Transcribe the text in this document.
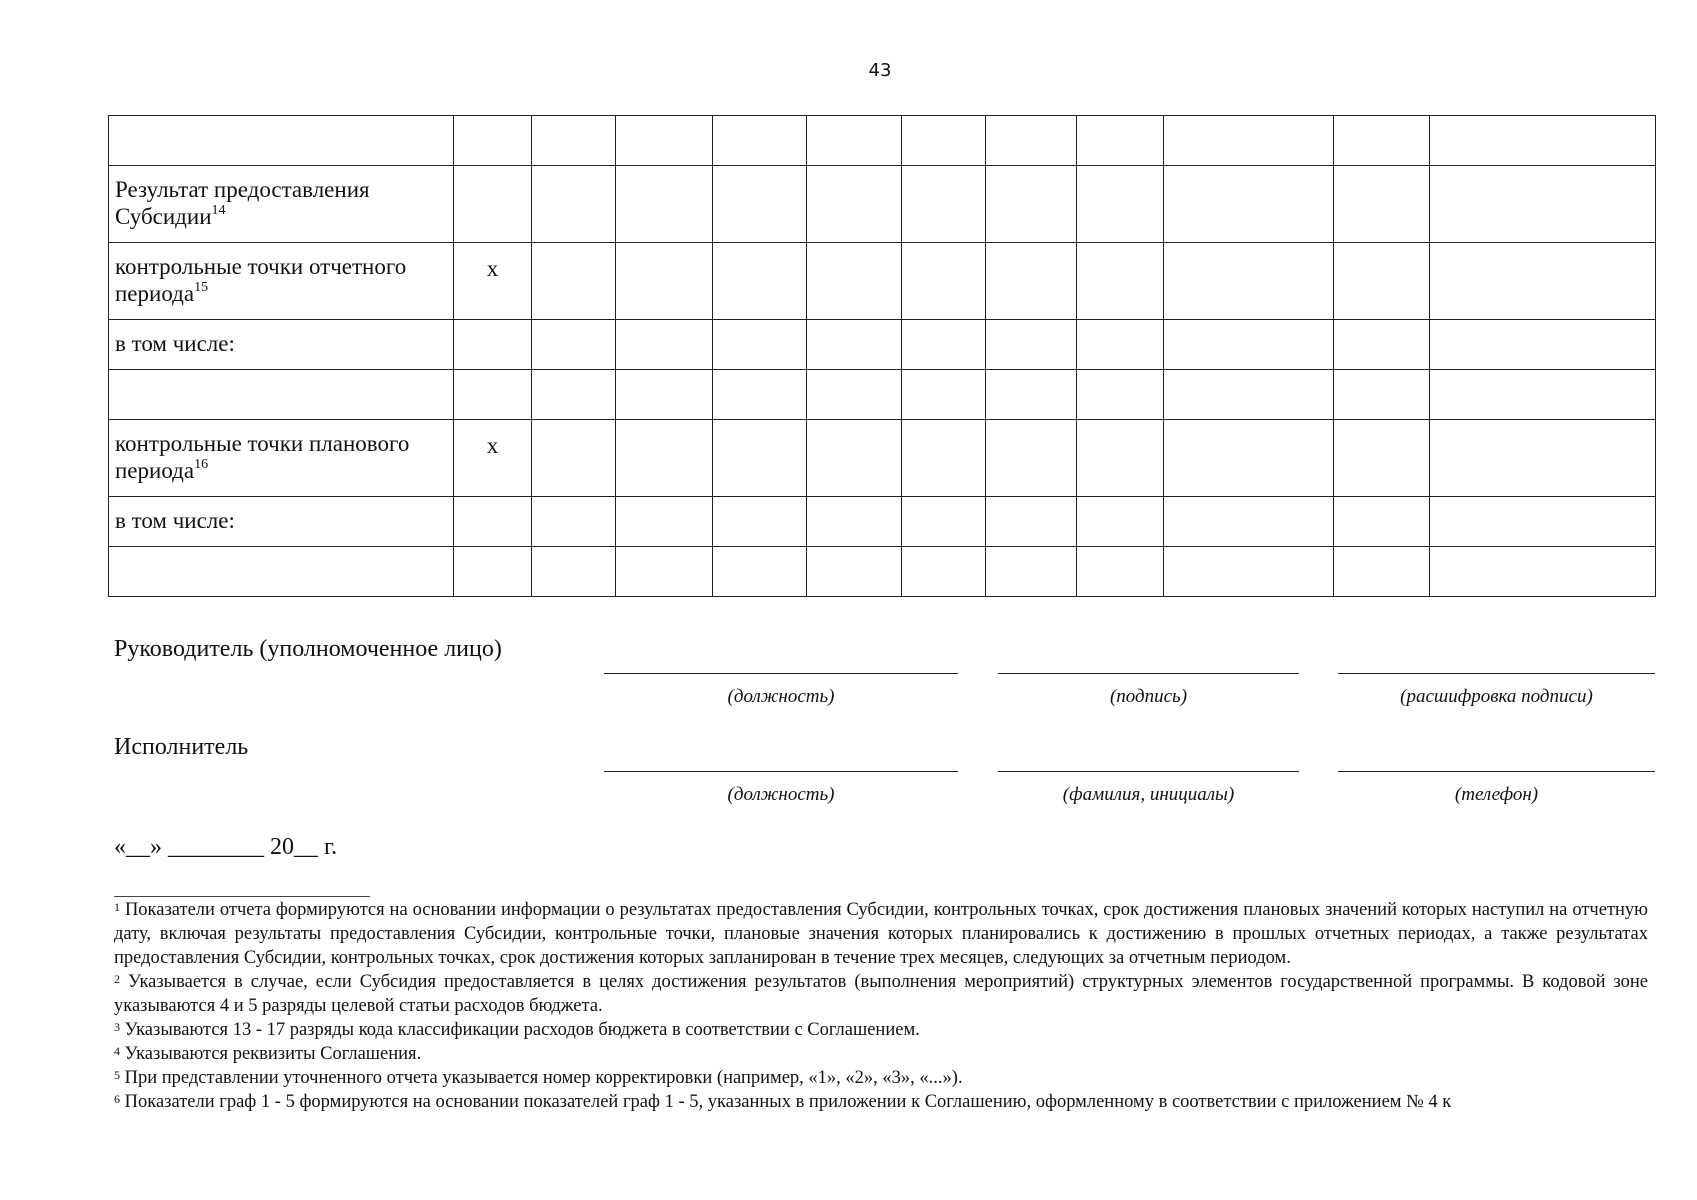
43

Результат предоставления Субсидии$^{14}$											
контрольные точки отчетного периода$^{15}$	х										
в том числе:											

контрольные точки планового периода$^{16}$	х										
в том числе:											

Руководитель (уполномоченное лицо)
(должность)	(подпись)	(расшифровка подписи)
Исполнитель
(должность)	(фамилия, инициалы)	(телефон)
«__» ________ 20__ г.

$^1$ Показатели отчета формируются на основании информации о результатах предоставления Субсидии, контрольных точках, срок достижения плановых значений которых наступил на отчетную дату, включая результаты предоставления Субсидии, контрольные точки, плановые значения которых планировались к достижению в прошлых отчетных периодах, а также результатах предоставления Субсидии, контрольных точках, срок достижения которых запланирован в течение трех месяцев, следующих за отчетным периодом.

$^2$ Указывается в случае, если Субсидия предоставляется в целях достижения результатов (выполнения мероприятий) структурных элементов государственной программы. В кодовой зоне указываются 4 и 5 разряды целевой статьи расходов бюджета.

$^3$ Указываются 13 - 17 разряды кода классификации расходов бюджета в соответствии с Соглашением.

$^4$ Указываются реквизиты Соглашения.

$^5$ При представлении уточненного отчета указывается номер корректировки (например, «1», «2», «3», «...»).

$^6$ Показатели граф 1 - 5 формируются на основании показателей граф 1 - 5, указанных в приложении к Соглашению, оформленному в соответствии с приложением № 4 к
